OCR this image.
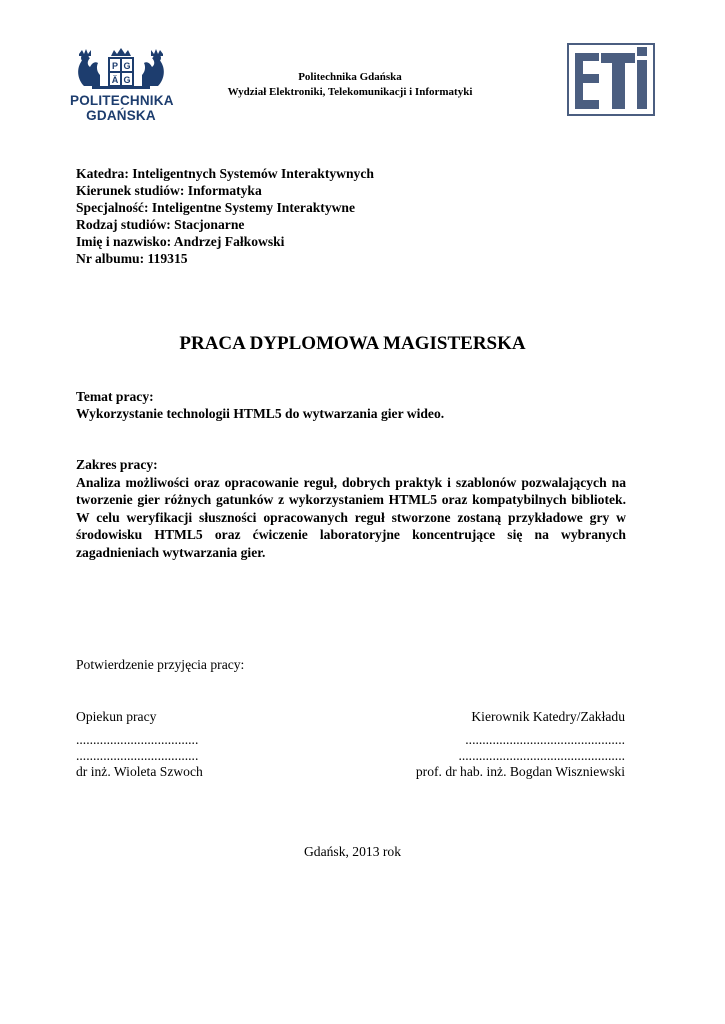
P G
Ä G
POLITECHNIKA
GDAŃSKA
Politechnika Gdańska
Wydział Elektroniki, Telekomunikacji i Informatyki
Katedra: Inteligentnych Systemów Interaktywnych
Kierunek studiów: Informatyka
Specjalność: Inteligentne Systemy Interaktywne
Rodzaj studiów: Stacjonarne
Imię i nazwisko: Andrzej Fałkowski
Nr albumu: 119315
PRACA DYPLOMOWA MAGISTERSKA
Temat pracy:
Wykorzystanie technologii HTML5 do wytwarzania gier wideo.
Zakres pracy:
Analiza możliwości oraz opracowanie reguł, dobrych praktyk i szablonów pozwalających na tworzenie gier różnych gatunków z wykorzystaniem HTML5 oraz kompatybilnych bibliotek. W celu weryfikacji słuszności opracowanych reguł stworzone zostaną przykładowe gry w środowisku HTML5 oraz ćwiczenie laboratoryjne koncentrujące się na wybranych zagadnieniach wytwarzania gier.
Potwierdzenie przyjęcia pracy:
Opiekun pracy
....................................
....................................
dr inż. Wioleta Szwoch
Kierownik Katedry/Zakładu
...............................................
.................................................
prof. dr hab. inż. Bogdan Wiszniewski
Gdańsk, 2013 rok
